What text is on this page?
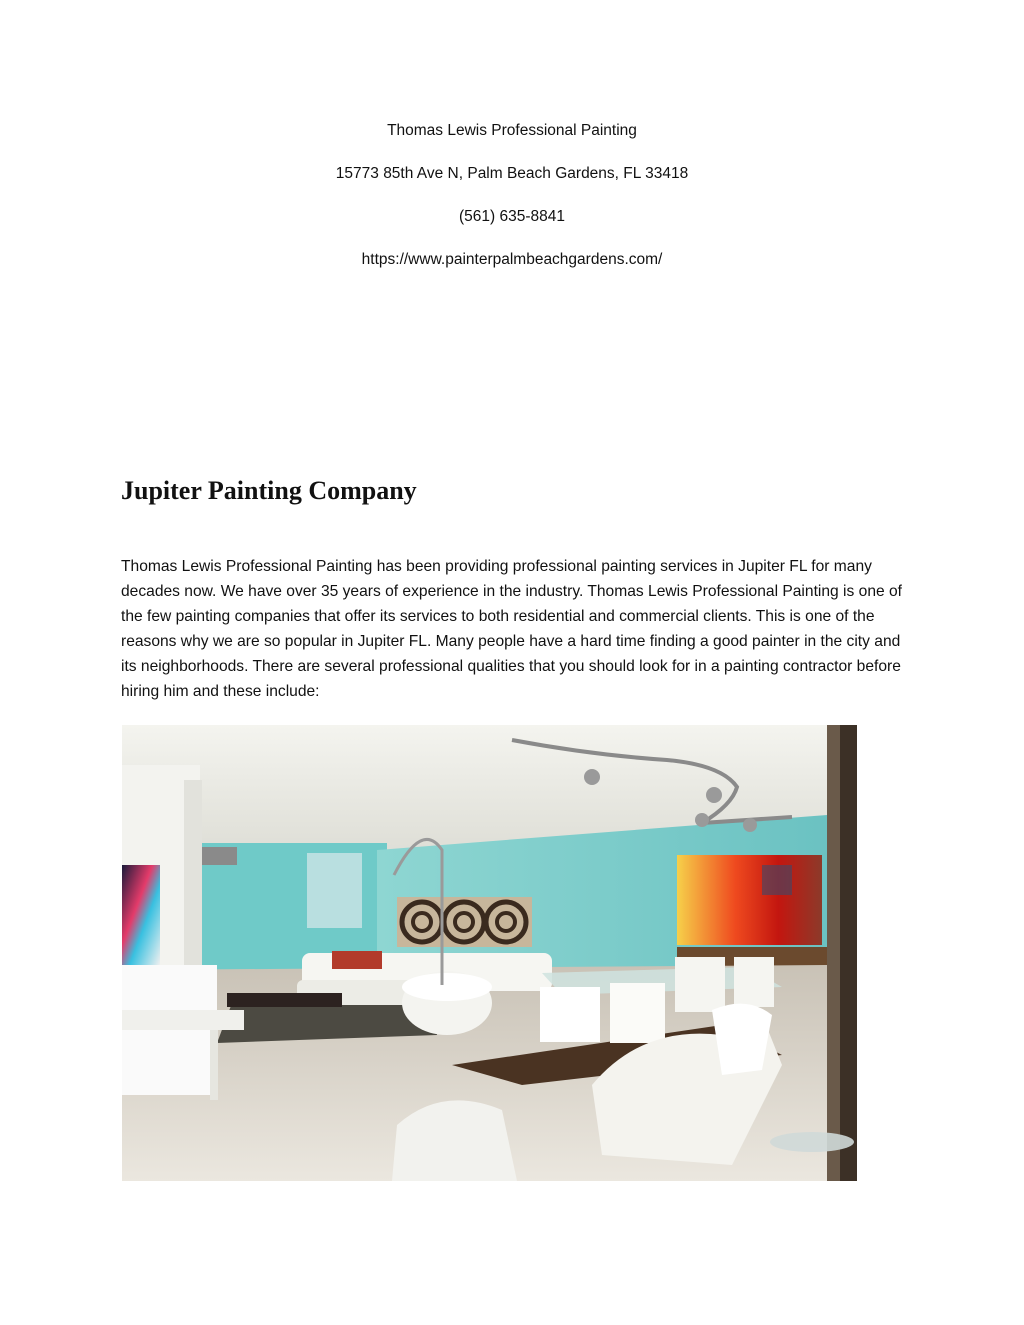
Thomas Lewis Professional Painting
15773 85th Ave N, Palm Beach Gardens, FL 33418
(561) 635-8841
https://www.painterpalmbeachgardens.com/
Jupiter Painting Company

Thomas Lewis Professional Painting has been providing professional painting services in Jupiter FL for many decades now. We have over 35 years of experience in the industry. Thomas Lewis Professional Painting is one of the few painting companies that offer its services to both residential and commercial clients. This is one of the reasons why we are so popular in Jupiter FL. Many people have a hard time finding a good painter in the city and its neighborhoods. There are several professional qualities that you should look for in a painting contractor before hiring him and these include:
